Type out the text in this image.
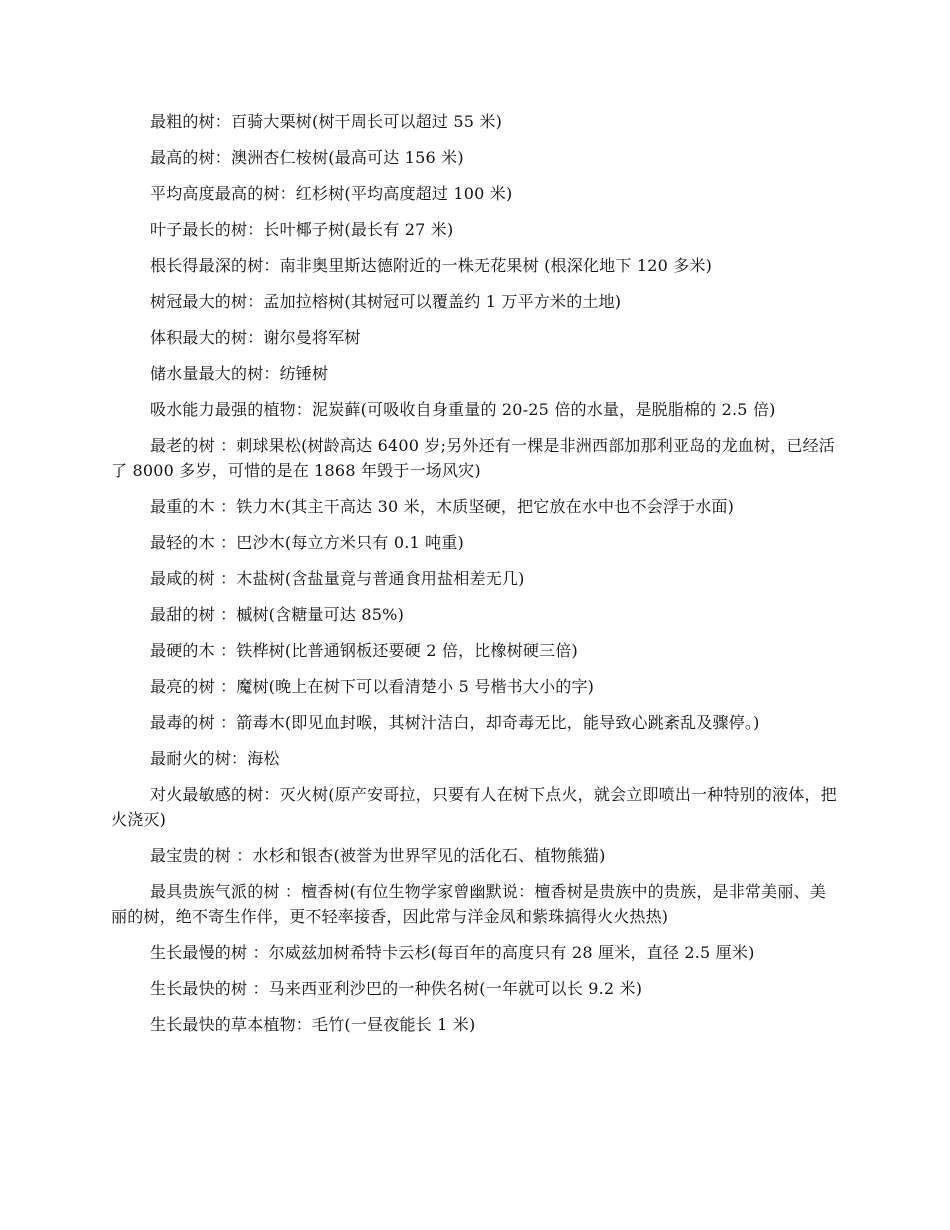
最粗的树：百骑大栗树(树干周长可以超过 55 米)

最高的树：澳洲杏仁桉树(最高可达 156 米)

平均高度最高的树：红杉树(平均高度超过 100 米)

叶子最长的树：长叶椰子树(最长有 27 米)

根长得最深的树：南非奥里斯达德附近的一株无花果树 (根深化地下 120 多米)

树冠最大的树：孟加拉榕树(其树冠可以覆盖约 1 万平方米的土地)

体积最大的树：谢尔曼将军树

储水量最大的树：纺锤树

吸水能力最强的植物：泥炭藓(可吸收自身重量的 20-25 倍的水量，是脱脂棉的 2.5 倍)

最老的树 ：刺球果松(树龄高达 6400 岁;另外还有一棵是非洲西部加那利亚岛的龙血树，已经活了 8000 多岁，可惜的是在 1868 年毁于一场风灾)

最重的木 ：铁力木(其主干高达 30 米，木质坚硬，把它放在水中也不会浮于水面)

最轻的木 ：巴沙木(每立方米只有 0.1 吨重)

最咸的树 ：木盐树(含盐量竟与普通食用盐相差无几)

最甜的树 ：槭树(含糖量可达 85%)

最硬的木 ：铁桦树(比普通钢板还要硬 2 倍，比橡树硬三倍)

最亮的树 ：魔树(晚上在树下可以看清楚小 5 号楷书大小的字)

最毒的树 ：箭毒木(即见血封喉，其树汁洁白，却奇毒无比，能导致心跳紊乱及骤停。)

最耐火的树：海松

对火最敏感的树：灭火树(原产安哥拉，只要有人在树下点火，就会立即喷出一种特别的液体，把火浇灭)

最宝贵的树 ：水杉和银杏(被誉为世界罕见的活化石、植物熊猫)

最具贵族气派的树 ：檀香树(有位生物学家曾幽默说：檀香树是贵族中的贵族，是非常美丽、美丽的树，绝不寄生作伴，更不轻率接香，因此常与洋金凤和紫珠搞得火火热热)

生长最慢的树 ：尔威兹加树希特卡云杉(每百年的高度只有 28 厘米，直径 2.5 厘米)

生长最快的树 ：马来西亚利沙巴的一种佚名树(一年就可以长 9.2 米)

生长最快的草本植物：毛竹(一昼夜能长 1 米)
